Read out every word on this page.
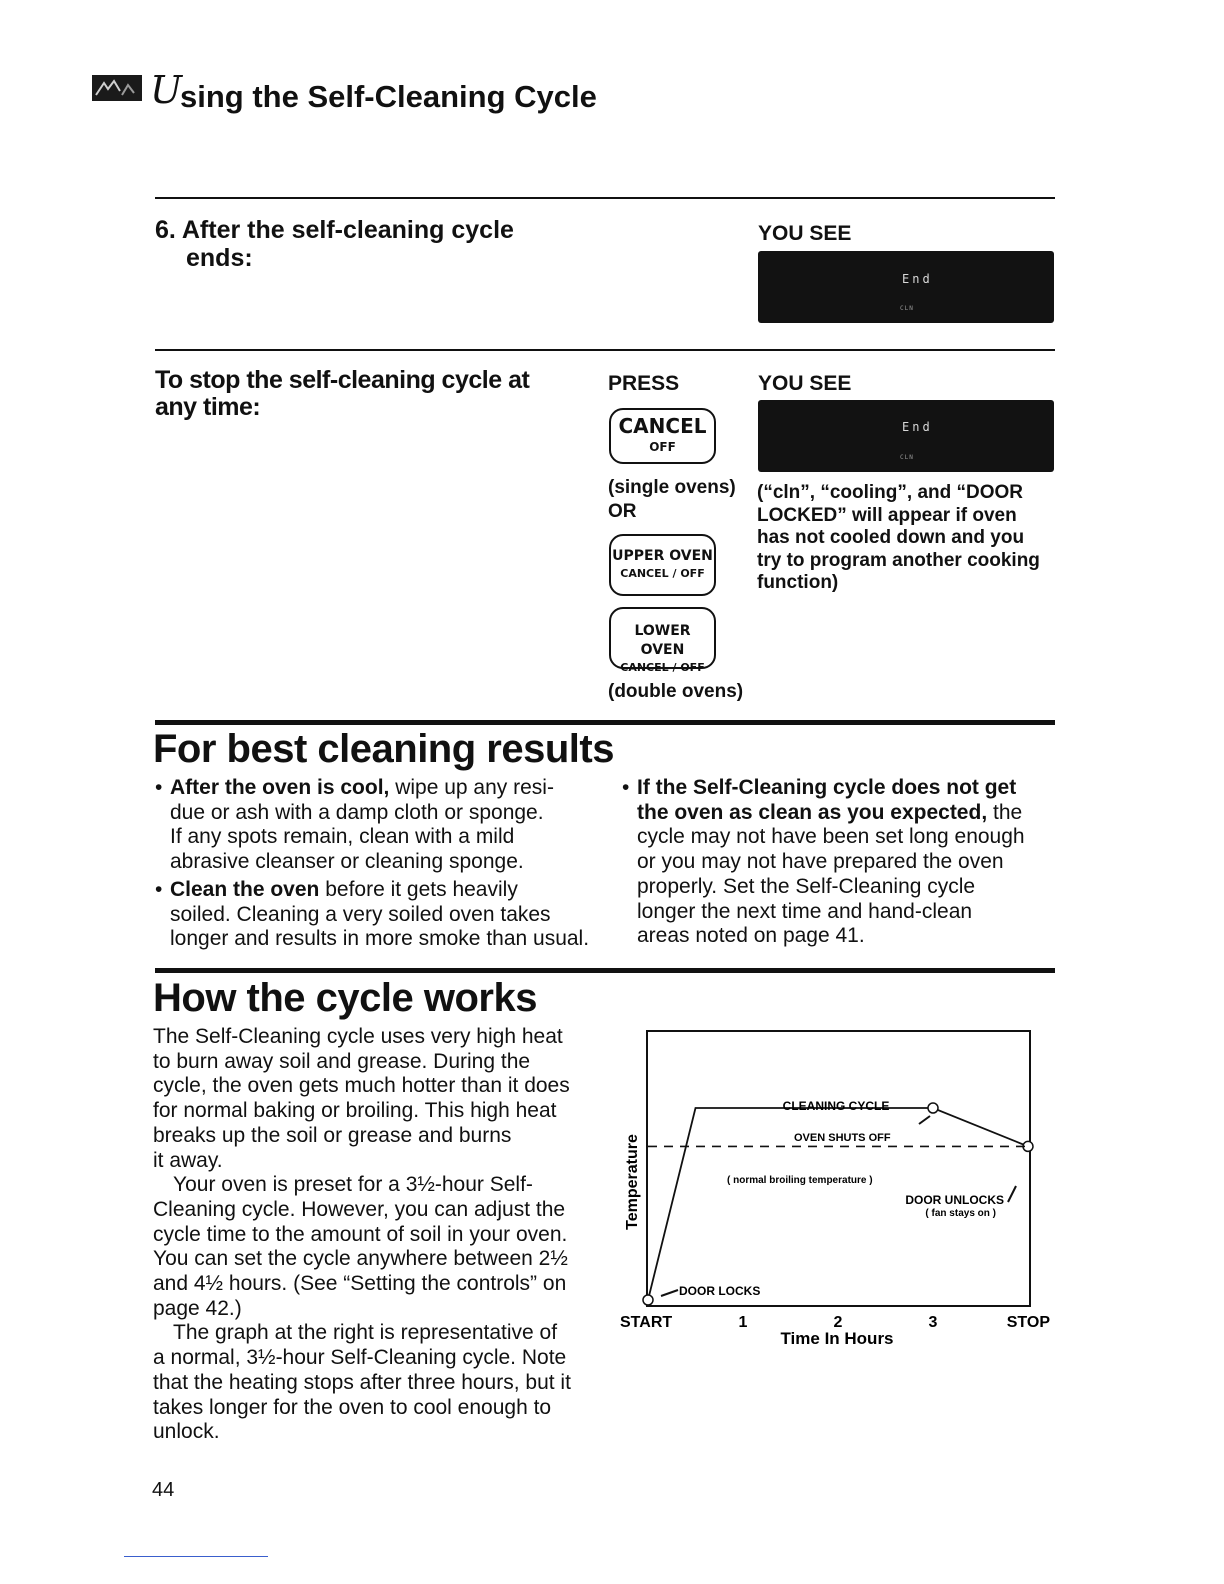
U
sing the Self-Cleaning Cycle
6. After the self-cleaning cycle
ends:
YOU SEE
End
CLN
To stop the self-cleaning cycle at
any time:
PRESS	YOU SEE
CANCEL
OFF
End
CLN
(single ovens)
OR
UPPER OVEN
CANCEL / OFF
LOWER OVEN
CANCEL / OFF
(double ovens)
(“cln”, “cooling”, and “DOOR
LOCKED” will appear if oven
has not cooled down and you
try to program another cooking
function)
For best cleaning results
• After the oven is cool, wipe up any resi-
due or ash with a damp cloth or sponge.
If any spots remain, clean with a mild
abrasive cleanser or cleaning sponge.
• Clean the oven before it gets heavily
soiled. Cleaning a very soiled oven takes
longer and results in more smoke than usual.
• If the Self-Cleaning cycle does not get
the oven as clean as you expected, the
cycle may not have been set long enough
or you may not have prepared the oven
properly. Set the Self-Cleaning cycle
longer the next time and hand-clean
areas noted on page 41.
How the cycle works

The Self-Cleaning cycle uses very high heat

to burn away soil and grease. During the

cycle, the oven gets much hotter than it does

for normal baking or broiling. This high heat

breaks up the soil or grease and burns

it away.

Your oven is preset for a 3½-hour Self-

Cleaning cycle. However, you can adjust the

cycle time to the amount of soil in your oven.

You can set the cycle anywhere between 2½

and 4½ hours. (See “Setting the controls” on

page 42.)

The graph at the right is representative of

a normal, 3½-hour Self-Cleaning cycle. Note

that the heating stops after three hours, but it

takes longer for the oven to cool enough to

unlock.

START	1	2	3	STOP
Temperature
Time In Hours
CLEANING CYCLE
OVEN SHUTS OFF
( normal broiling temperature )
DOOR UNLOCKS
( fan stays on )
DOOR LOCKS
44
